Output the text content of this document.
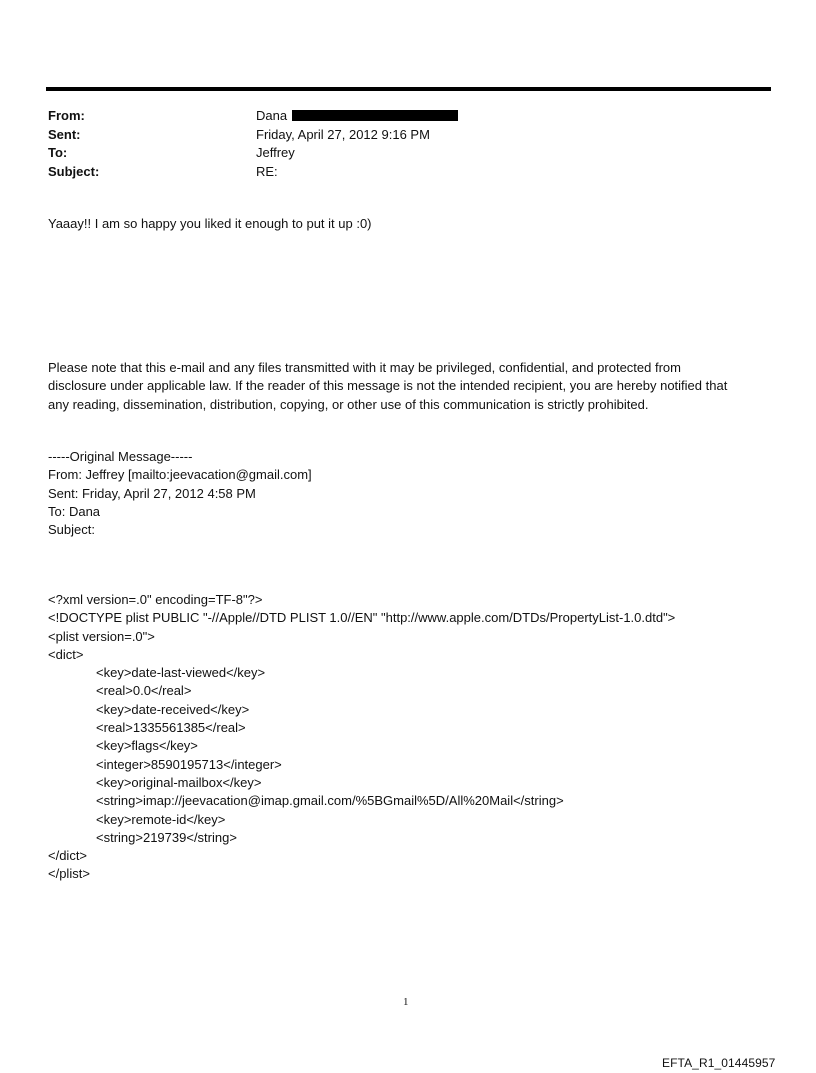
From:	Dana
Sent:	Friday, April 27, 2012 9:16 PM
To:	Jeffrey
Subject:	RE:
Yaaay!! I am so happy you liked it enough to put it up :0)
Please note that this e-mail and any files transmitted with it may be privileged, confidential, and protected from
disclosure under applicable law. If the reader of this message is not the intended recipient, you are hereby notified that
any reading, dissemination, distribution, copying, or other use of this communication is strictly prohibited.
-----Original Message-----
From: Jeffrey [mailto:jeevacation@gmail.com]
Sent: Friday, April 27, 2012 4:58 PM
To: Dana
Subject:
<?xml version=.0" encoding=TF-8"?>
<!DOCTYPE plist PUBLIC "-//Apple//DTD PLIST 1.0//EN" "http://www.apple.com/DTDs/PropertyList-1.0.dtd">
<plist version=.0">
<dict>
<key>date-last-viewed</key>
<real>0.0</real>
<key>date-received</key>
<real>1335561385</real>
<key>flags</key>
<integer>8590195713</integer>
<key>original-mailbox</key>
<string>imap://jeevacation@imap.gmail.com/%5BGmail%5D/All%20Mail</string>
<key>remote-id</key>
<string>219739</string>
</dict>
</plist>
1
EFTA_R1_01445957
